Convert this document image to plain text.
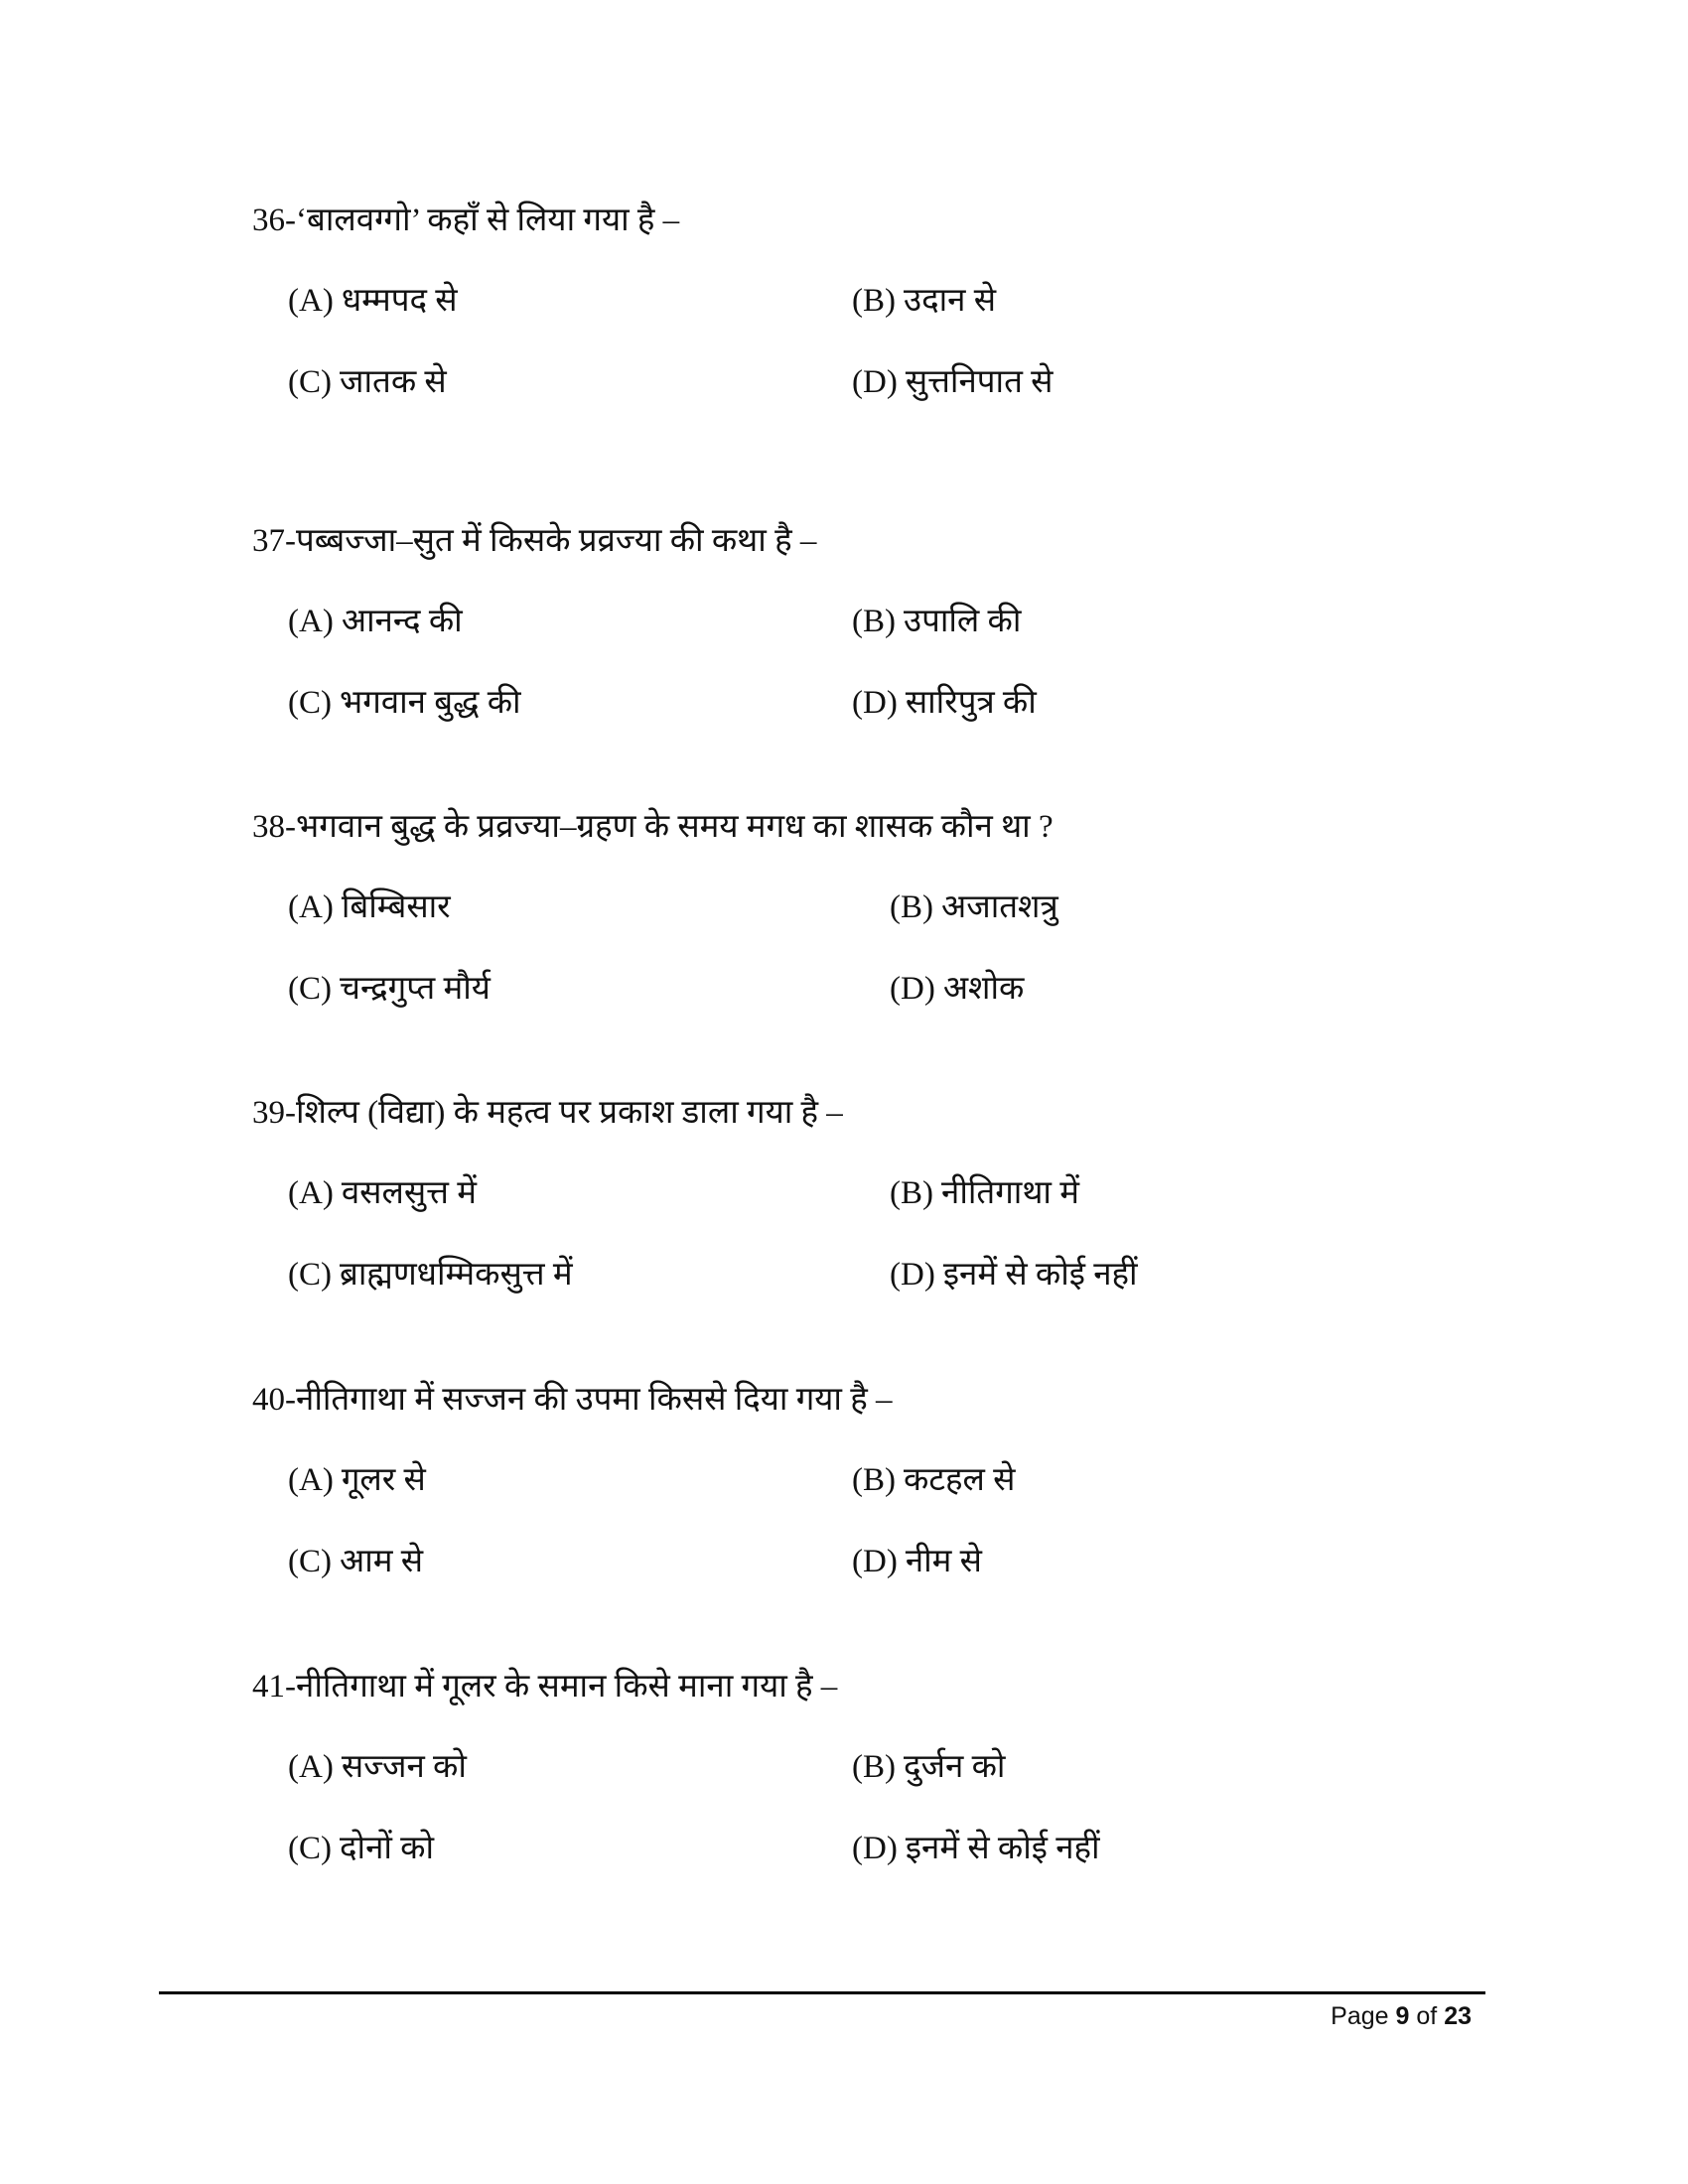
36-‘बालवग्गो’ कहाँ से लिया गया है –
(A) धम्मपद से	(B) उदान से
(C) जातक से	(D) सुत्तनिपात से
37-पब्बज्जा–सुत में किसके प्रव्रज्या की कथा है –
(A) आनन्द की	(B) उपालि की
(C) भगवान बुद्ध की	(D) सारिपुत्र की
38-भगवान बुद्ध के प्रव्रज्या–ग्रहण के समय मगध का शासक कौन था ?
(A) बिम्बिसार	(B) अजातशत्रु
(C) चन्द्रगुप्त मौर्य	(D) अशोक
39-शिल्प (विद्या) के महत्व पर प्रकाश डाला गया है –
(A) वसलसुत्त में	(B) नीतिगाथा में
(C) ब्राह्मणधम्मिकसुत्त में	(D) इनमें से कोई नहीं
40-नीतिगाथा में सज्जन की उपमा किससे दिया गया है –
(A) गूलर से	(B) कटहल से
(C) आम से	(D) नीम से
41-नीतिगाथा में गूलर के समान किसे माना गया है –
(A) सज्जन को	(B) दुर्जन को
(C) दोनों को	(D) इनमें से कोई नहीं
Page 9 of 23
